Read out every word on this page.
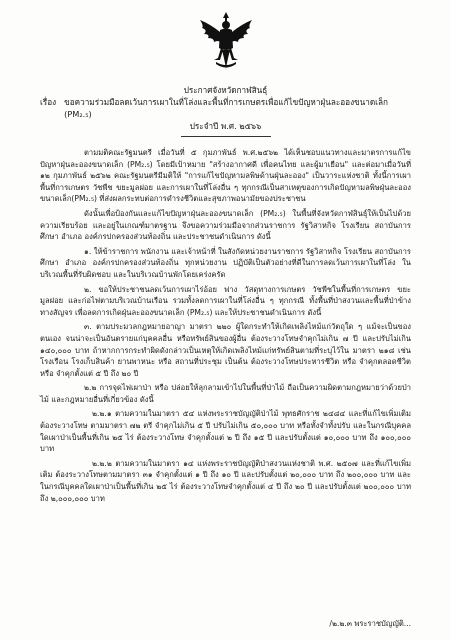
ประกาศจังหวัดกาฬสินธุ์
เรื่อง ขอความร่วมมือลดเว้นการเผาในที่โล่งและพื้นที่การเกษตรเพื่อแก้ไขปัญหาฝุ่นละอองขนาดเล็ก (PM₂.₅)
ประจำปี พ.ศ. ๒๕๖๖

ตามมติคณะรัฐมนตรี เมื่อวันที่ ๕ กุมภาพันธ์ พ.ศ.๒๕๖๒ ได้เห็นชอบแนวทางและมาตรการแก้ไขปัญหาฝุ่นละอองขนาดเล็ก (PM₂.₅) โดยมีเป้าหมาย "สร้างอากาศดี เพื่อคนไทย และผู้มาเยือน" และต่อมาเมื่อวันที่ ๑๒ กุมภาพันธ์ ๒๕๖๒ คณะรัฐมนตรีมีมติให้ "การแก้ไขปัญหามลพิษด้านฝุ่นละออง" เป็นวาระแห่งชาติ ทั้งนี้การเผาพื้นที่การเกษตร วัชพืช ขยะมูลฝอย และการเผาในที่โล่งอื่น ๆ ทุกกรณีเป็นสาเหตุของการเกิดปัญหามลพิษฝุ่นละอองขนาดเล็ก(PM₂.₅) ที่ส่งผลกระทบต่อการดำรงชีวิตและสุขภาพอนามัยของประชาชน

ดังนั้นเพื่อป้องกันและแก้ไขปัญหาฝุ่นละอองขนาดเล็ก (PM₂.₅) ในพื้นที่จังหวัดกาฬสินธุ์ให้เป็นไปด้วยความเรียบร้อย และอยู่ในเกณฑ์มาตรฐาน จึงขอความร่วมมือจากส่วนราชการ รัฐวิสาหกิจ โรงเรียน สถาบันการศึกษา อำเภอ องค์กรปกครองส่วนท้องถิ่น และประชาชนดำเนินการ ดังนี้

๑. ให้ข้าราชการ พนักงาน และเจ้าหน้าที่ ในสังกัดหน่วยงานราชการ รัฐวิสาหกิจ โรงเรียน สถาบันการศึกษา อำเภอ องค์กรปกครองส่วนท้องถิ่น ทุกหน่วยงาน ปฏิบัติเป็นตัวอย่างที่ดีในการลดเว้นการเผาในที่โล่ง ในบริเวณพื้นที่รับผิดชอบ และในบริเวณบ้านพักโดยเคร่งครัด

๒. ขอให้ประชาชนลดเว้นการเผาไร่อ้อย ฟาง วัสดุทางการเกษตร วัชพืชในพื้นที่การเกษตร ขยะมูลฝอย และก่อไฟตามบริเวณบ้านเรือน รวมทั้งลดการเผาในที่โล่งอื่น ๆ ทุกกรณี ทั้งพื้นที่ป่าสงวนและพื้นที่ป่าข้างทางสัญจร เพื่อลดการเกิดฝุ่นละอองขนาดเล็ก (PM₂.₅) และให้ประชาชนดำเนินการ ดังนี้

๓. ตามประมวลกฎหมายอาญา มาตรา ๒๒๐ ผู้ใดกระทำให้เกิดเพลิงไหม้แก่วัตถุใด ๆ แม้จะเป็นของตนเอง จนน่าจะเป็นอันตรายแก่บุคคลอื่น หรือทรัพย์สินของผู้อื่น ต้องระวางโทษจำคุกไม่เกิน ๗ ปี และปรับไม่เกิน ๑๔๐,๐๐๐ บาท ถ้าหากการกระทำผิดดังกล่าวเป็นเหตุให้เกิดเพลิงไหม้แก่ทรัพย์สินตามที่ระบุไว้ใน มาตรา ๒๑๘ เช่น โรงเรือน โรงเก็บสินค้า ยานพาหนะ หรือ สถานที่ประชุม เป็นต้น ต้องระวางโทษประหารชีวิต หรือ จำคุกตลอดชีวิต หรือ จำคุกตั้งแต่ ๕ ปี ถึง ๒๐ ปี

๒.๒ การจุดไฟเผาป่า หรือ ปล่อยให้ลุกลามเข้าไปในพื้นที่ป่าไม้ ถือเป็นความผิดตามกฎหมายว่าด้วยป่าไม้ และกฎหมายอื่นที่เกี่ยวข้อง ดังนี้

๒.๒.๑ ตามความในมาตรา ๕๔ แห่งพระราชบัญญัติป่าไม้ พุทธศักราช ๒๔๘๔ และที่แก้ไขเพิ่มเติม ต้องระวางโทษ ตามมาตรา ๗๒ ตรี จำคุกไม่เกิน ๕ ปี ปรับไม่เกิน ๕๐,๐๐๐ บาท หรือทั้งจำทั้งปรับ และในกรณีบุคคลใดเผาป่าเป็นพื้นที่เกิน ๒๕ ไร่ ต้องระวางโทษ จำคุกตั้งแต่ ๒ ปี ถึง ๑๕ ปี และปรับตั้งแต่ ๑๐,๐๐๐ บาท ถึง ๑๐๐,๐๐๐ บาท

๒.๒.๒ ตามความในมาตรา ๑๔ แห่งพระราชบัญญัติป่าสงวนแห่งชาติ พ.ศ. ๒๕๐๗ และที่แก้ไขเพิ่มเติม ต้องระวางโทษตามมาตรา ๓๑ จำคุกตั้งแต่ ๑ ปี ถึง ๑๐ ปี และปรับตั้งแต่ ๒๐,๐๐๐ บาท ถึง ๒๐๐,๐๐๐ บาท และในกรณีบุคคลใดเผาป่าเป็นพื้นที่เกิน ๒๕ ไร่ ต้องระวางโทษจำคุกตั้งแต่ ๔ ปี ถึง ๒๐ ปี และปรับตั้งแต่ ๒๐๐,๐๐๐ บาท ถึง ๒,๐๐๐,๐๐๐ บาท

/๒.๒.๓ พระราชบัญญัติ...
